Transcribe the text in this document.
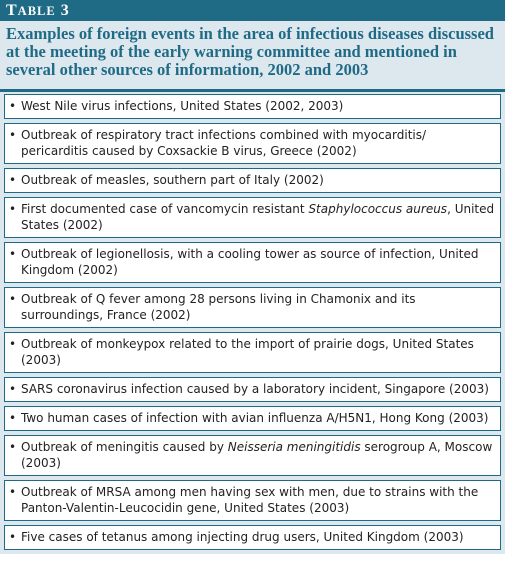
TABLE 3

Examples of foreign events in the area of infectious diseases discussed at the meeting of the early warning committee and mentioned in several other sources of information, 2002 and 2003

• West Nile virus infections, United States (2002, 2003)
• Outbreak of respiratory tract infections combined with myocarditis/ pericarditis caused by Coxsackie B virus, Greece (2002)
• Outbreak of measles, southern part of Italy (2002)
• First documented case of vancomycin resistant Staphylococcus aureus, United States (2002)
• Outbreak of legionellosis, with a cooling tower as source of infection, United Kingdom (2002)
• Outbreak of Q fever among 28 persons living in Chamonix and its surroundings, France (2002)
• Outbreak of monkeypox related to the import of prairie dogs, United States (2003)
• SARS coronavirus infection caused by a laboratory incident, Singapore (2003)
• Two human cases of infection with avian influenza A/H5N1, Hong Kong (2003)
• Outbreak of meningitis caused by Neisseria meningitidis serogroup A, Moscow (2003)
• Outbreak of MRSA among men having sex with men, due to strains with the Panton-Valentin-Leucocidin gene, United States (2003)
• Five cases of tetanus among injecting drug users, United Kingdom (2003)
